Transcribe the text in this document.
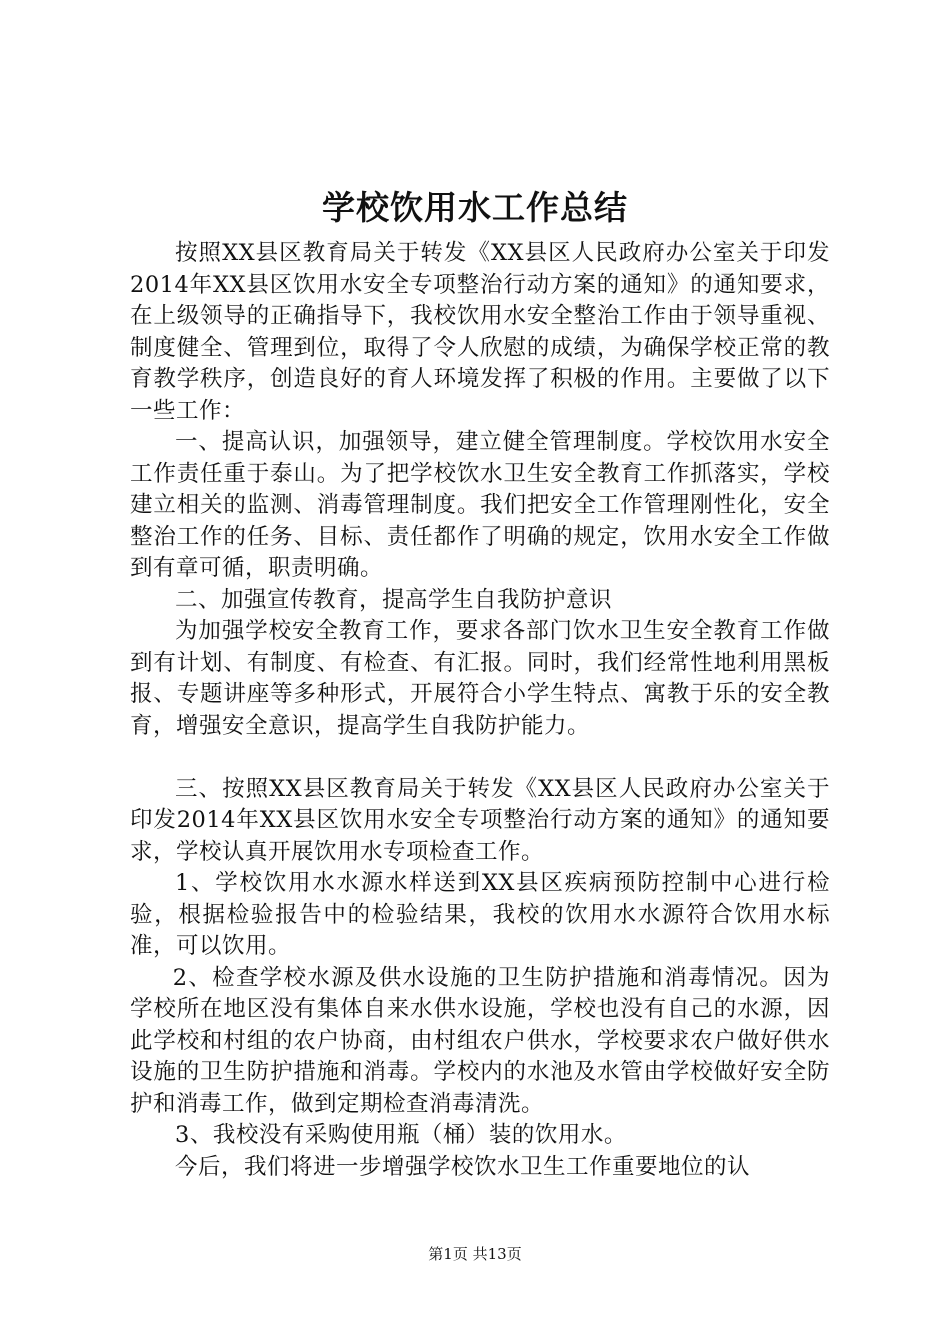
学校饮用水工作总结

按照XX县区教育局关于转发《XX县区人民政府办公室关于印发2014年XX县区饮用水安全专项整治行动方案的通知》的通知要求，在上级领导的正确指导下，我校饮用水安全整治工作由于领导重视、制度健全、管理到位，取得了令人欣慰的成绩，为确保学校正常的教育教学秩序，创造良好的育人环境发挥了积极的作用。主要做了以下一些工作：

一、提高认识，加强领导，建立健全管理制度。学校饮用水安全工作责任重于泰山。为了把学校饮水卫生安全教育工作抓落实，学校建立相关的监测、消毒管理制度。我们把安全工作管理刚性化，安全整治工作的任务、目标、责任都作了明确的规定，饮用水安全工作做到有章可循，职责明确。

二、加强宣传教育，提高学生自我防护意识

为加强学校安全教育工作，要求各部门饮水卫生安全教育工作做到有计划、有制度、有检查、有汇报。同时，我们经常性地利用黑板报、专题讲座等多种形式，开展符合小学生特点、寓教于乐的安全教育，增强安全意识，提高学生自我防护能力。

三、按照XX县区教育局关于转发《XX县区人民政府办公室关于印发2014年XX县区饮用水安全专项整治行动方案的通知》的通知要求，学校认真开展饮用水专项检查工作。

1、学校饮用水水源水样送到XX县区疾病预防控制中心进行检验，根据检验报告中的检验结果，我校的饮用水水源符合饮用水标准，可以饮用。

2、检查学校水源及供水设施的卫生防护措施和消毒情况。因为学校所在地区没有集体自来水供水设施，学校也没有自己的水源，因此学校和村组的农户协商，由村组农户供水，学校要求农户做好供水设施的卫生防护措施和消毒。学校内的水池及水管由学校做好安全防护和消毒工作，做到定期检查消毒清洗。

3、我校没有采购使用瓶（桶）装的饮用水。

今后，我们将进一步增强学校饮水卫生工作重要地位的认

第1页 共13页
